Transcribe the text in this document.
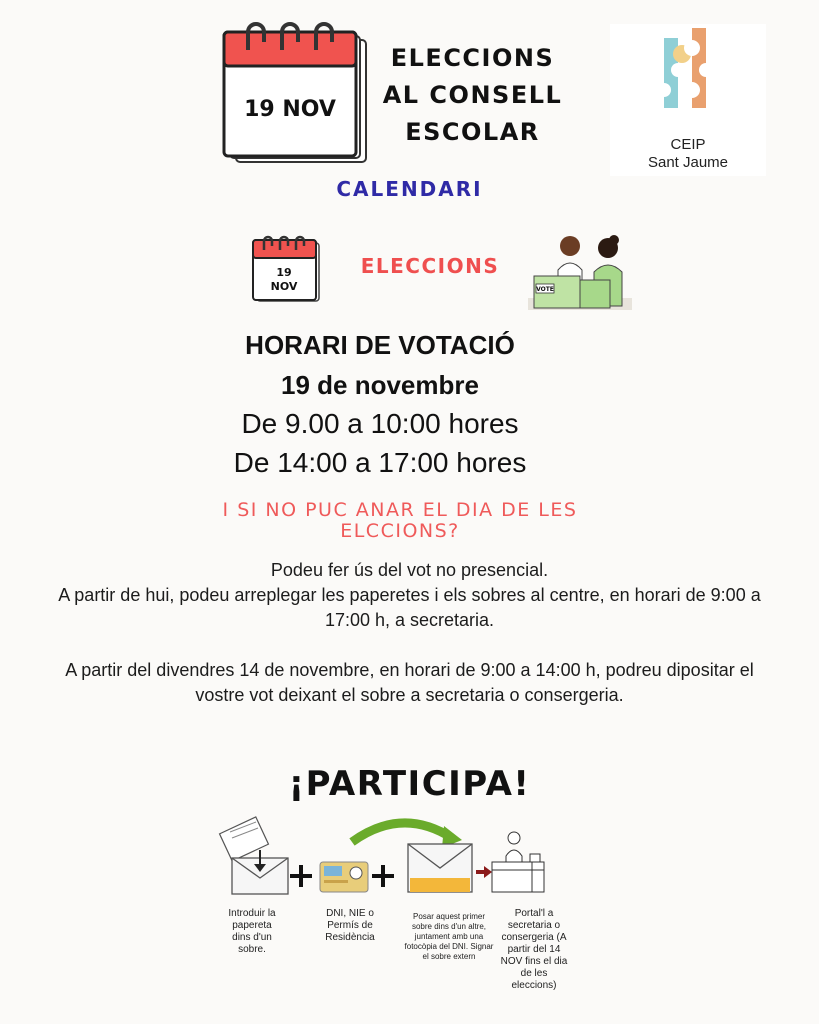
19 NOV
ELECCIONS
AL CONSELL
ESCOLAR	CEIP
Sant Jaume
CALENDARI
19
NOV
ELECCIONS
VOTE
HORARI DE VOTACIÓ
19 de novembre
De 9.00 a 10:00 hores
De 14:00 a 17:00 hores
I SI NO PUC ANAR EL DIA DE LES
ELCCIONS?
Podeu fer ús del vot no presencial.
A partir de hui, podeu arreplegar les paperetes i els sobres al centre, en horari de 9:00 a
17:00 h, a secretaria.
A partir del divendres 14 de novembre, en horari de 9:00 a 14:00 h, podreu dipositar el
vostre vot deixant el sobre a secretaria o consergeria.
¡PARTICIPA!
Introduir la papereta dins d'un sobre.
DNI, NIE o Permís de Residència
Posar aquest primer sobre dins d'un altre, juntament amb una fotocòpia del DNI. Signar el sobre extern
Portal'l a secretaria o consergeria (A partir del 14 NOV fins el dia de les eleccions)
